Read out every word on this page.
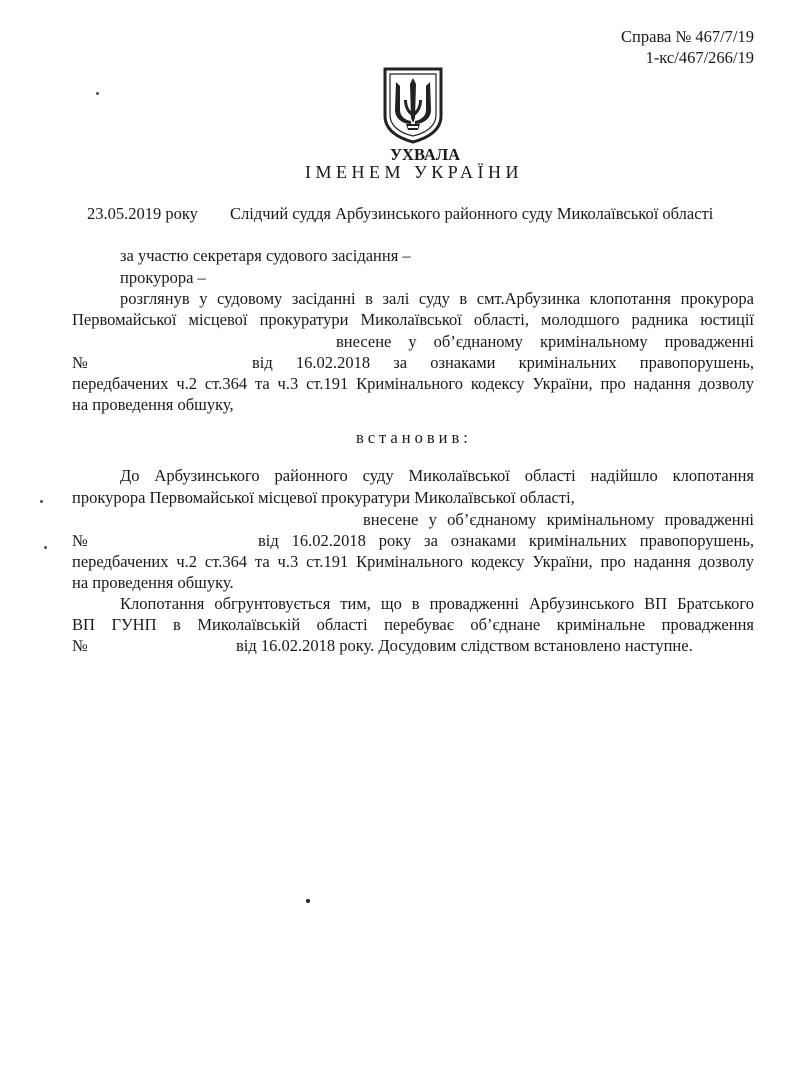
Справа № 467/7/19
1-кс/467/266/19
УХВАЛА
ІМЕНЕМ УКРАЇНИ
23.05.2019 року Слідчий суддя Арбузинського районного суду Миколаївської області
за участю секретаря судового засідання –
прокурора –
розглянув у судовому засіданні в залі суду в смт.Арбузинка клопотання прокурора
Первомайської місцевої прокуратури Миколаївської області, молодшого радника юстиції
внесене у об’єднаному кримінальному провадженні
№	від 16.02.2018 за ознаками кримінальних правопорушень,
передбачених ч.2 ст.364 та ч.3 ст.191 Кримінального кодексу України, про надання дозволу
на проведення обшуку,
встановив:
До Арбузинського районного суду Миколаївської області надійшло клопотання
прокурора Первомайської місцевої прокуратури Миколаївської області,
внесене у об’єднаному кримінальному провадженні
№	від 16.02.2018 року за ознаками кримінальних правопорушень,
передбачених ч.2 ст.364 та ч.3 ст.191 Кримінального кодексу України, про надання дозволу
на проведення обшуку.
Клопотання обгрунтовується тим, що в провадженні Арбузинського ВП Братського
ВП ГУНП в Миколаївській області перебуває об’єднане кримінальне провадження
№	від 16.02.2018 року. Досудовим слідством встановлено наступне.
